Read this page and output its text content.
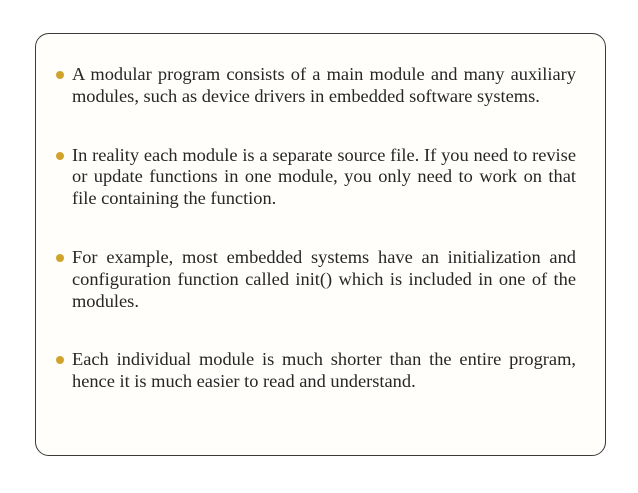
A modular program consists of a main module and many auxiliary modules, such as device drivers in embedded software systems.
In reality each module is a separate source file. If you need to revise or update functions in one module, you only need to work on that file containing the function.
For example, most embedded systems have an initialization and configuration function called init() which is included in one of the modules.
Each individual module is much shorter than the entire program, hence it is much easier to read and understand.
